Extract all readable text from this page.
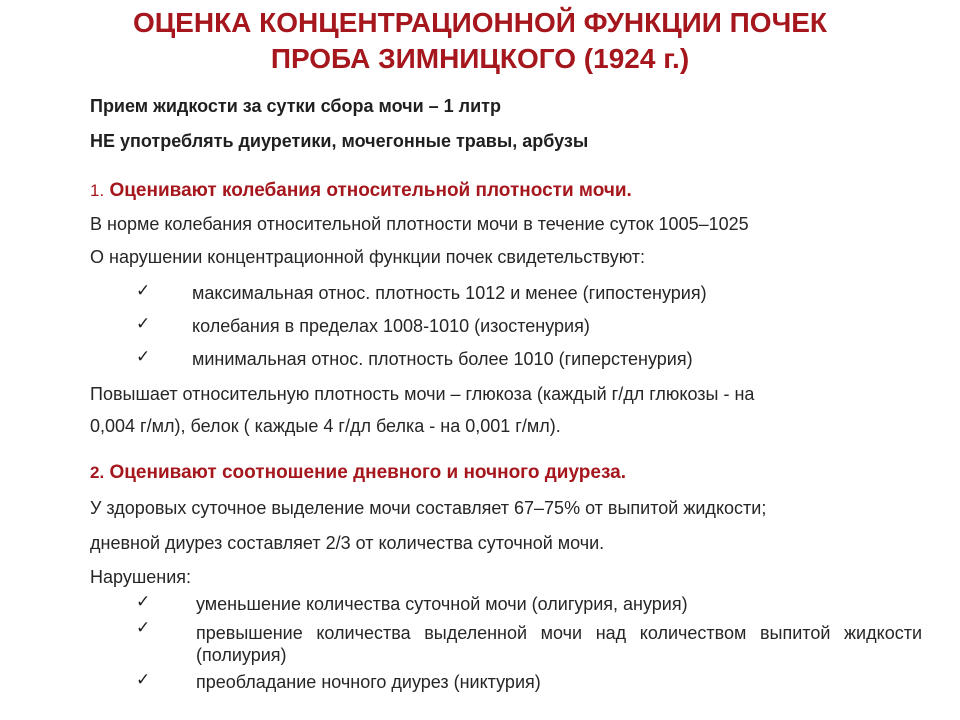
ОЦЕНКА КОНЦЕНТРАЦИОННОЙ ФУНКЦИИ ПОЧЕК
ПРОБА ЗИМНИЦКОГО (1924 г.)

Прием жидкости за сутки сбора мочи – 1 литр

НЕ употреблять диуретики, мочегонные травы, арбузы

1. Оценивают колебания относительной плотности мочи.

В норме колебания относительной плотности мочи в течение суток 1005–1025

О нарушении концентрационной функции почек свидетельствуют:

✓ максимальная относ. плотность 1012 и менее (гипостенурия)
✓ колебания в пределах 1008-1010 (изостенурия)
✓ минимальная относ. плотность более 1010 (гиперстенурия)

Повышает относительную плотность мочи – глюкоза (каждый г/дл глюкозы - на

0,004 г/мл), белок ( каждые 4 г/дл белка - на 0,001 г/мл).

2. Оценивают соотношение дневного и ночного диуреза.

У здоровых суточное выделение мочи составляет 67–75% от выпитой жидкости;

дневной диурез составляет 2/3 от количества суточной мочи.

Нарушения:

✓	уменьшение количества суточной мочи (олигурия, анурия)
✓	превышение количества выделенной мочи над количеством выпитой жидкости (полиурия)
✓	преобладание ночного диурез (никтурия)
